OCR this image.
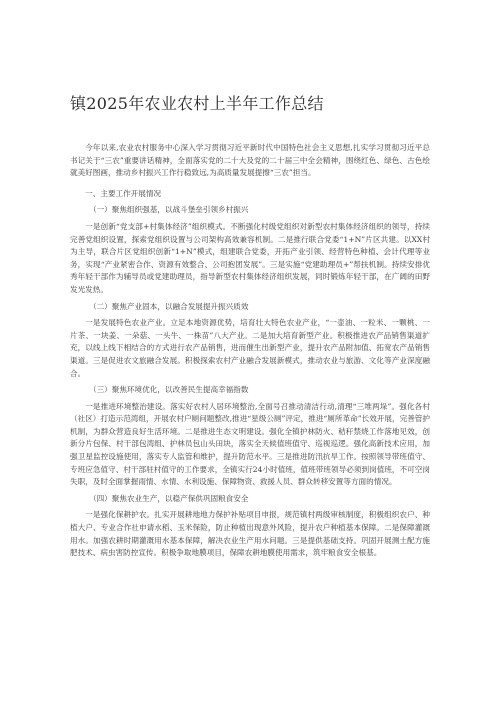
镇2025年农业农村上半年工作总结

今年以来,农业农村服务中心深入学习贯彻习近平新时代中国特色社会主义思想,扎实学习贯彻习近平总书记关于“三农”重要讲话精神，全面落实党的二十大及党的二十届三中全会精神，围绕红色、绿色、古色绘就美好图画，推动乡村振兴工作行稳致远,为高质量发展提擦“三农”担当。

一、主要工作开展情况

（一）聚焦组织强基，以战斗堡垒引领乡村振兴

一是创新“党支部+村集体经济”组织模式。不断强化村级党组织对新型农村集体经济组织的领导，持续完善党组织设置，探索党组织设置与公司架构高效兼容机制。二是推行联合党委“1+N”片区共建。以XX村为主导，联合片区党组织创新“1+N”模式，组建联合党委，开拓产业引领、经营特色种植、会计代理等业务，实现“产业紧密合作、资源有效整合、公司抱团发展”。三是实施“党建助理员+”帮扶机制。持续安排优秀年轻干部作为辅导员或党建助理员，指导新型农村集体经济组织发展，同时锻炼年轻干部，在广阔的田野发光发热。

（二）聚焦产业固本，以融合发展提升振兴质效

一是发展特色农业产业。立足本地资源优势，培育壮大特色农业产业，“一壶油、一粒米、一颗桃、一片茶、一块姜、一朵菇、一头牛、一株苗”八大产业。二是加大培育新型产业。积极推进农产品销售渠道扩充，以线上线下相结合的方式进行农产品销售，进而催生出新型产业，提升农产品附加值、拓宽农产品销售渠道。三是促进农文旅融合发展。积极探索农村产业融合发展新模式，推动农业与旅游、文化等产业深度融合。

（三）聚焦环境优化，以改善民生提高幸福指数

一是推进环境整治建设。落实好农村人居环境整治,全面号召推动清洁行动,清理“三堆两垛”。强化各村（社区）打造示范湾组，开展农村户厕问题整改,推进“星级公厕”评定，推进“厕所革命”长效开展，完善管护机制，为群众营造良好生活环境。二是推进生态文明建设。强化全镇护林防火、秸秆禁烧工作落地见效，创新分片包保、村干部包湾组、护林员包山头田块，落实全天候值班值守、巡视巡逻。强化高新技术应用，加强卫星监控设施使用，落实专人监管和维护，提升防范水平。三是推进防汛抗旱工作。按照领导带班值守、专班应急值守、村干部驻村值守的工作要求，全镇实行24小时值班，值班带班领导必须到岗值班，不可空岗失职，及时全面掌握雨情、水情、水利设施、保障物资、救援人员、群众转移安置等方面的情况。

（四）聚焦农业生产，以稳产保供巩固粮食安全

一是强化保耕护农。扎实开展耕地地力保护补贴项目申报，规范镇村两级审核制度，积极组织农户、种植大户、专业合作社申请水稻、玉米保险，防止种植出现意外风险，提升农户种植基本保障。二是保障灌溉用水。加强农耕时期灌溉用水基本保障，解决农业生产用水问题。三是提供基础支持。巩固开展测土配方施肥技术、病虫害防控宣传。积极争取地膜项目，保障农耕地膜使用需求，筑牢粮食安全根基。
